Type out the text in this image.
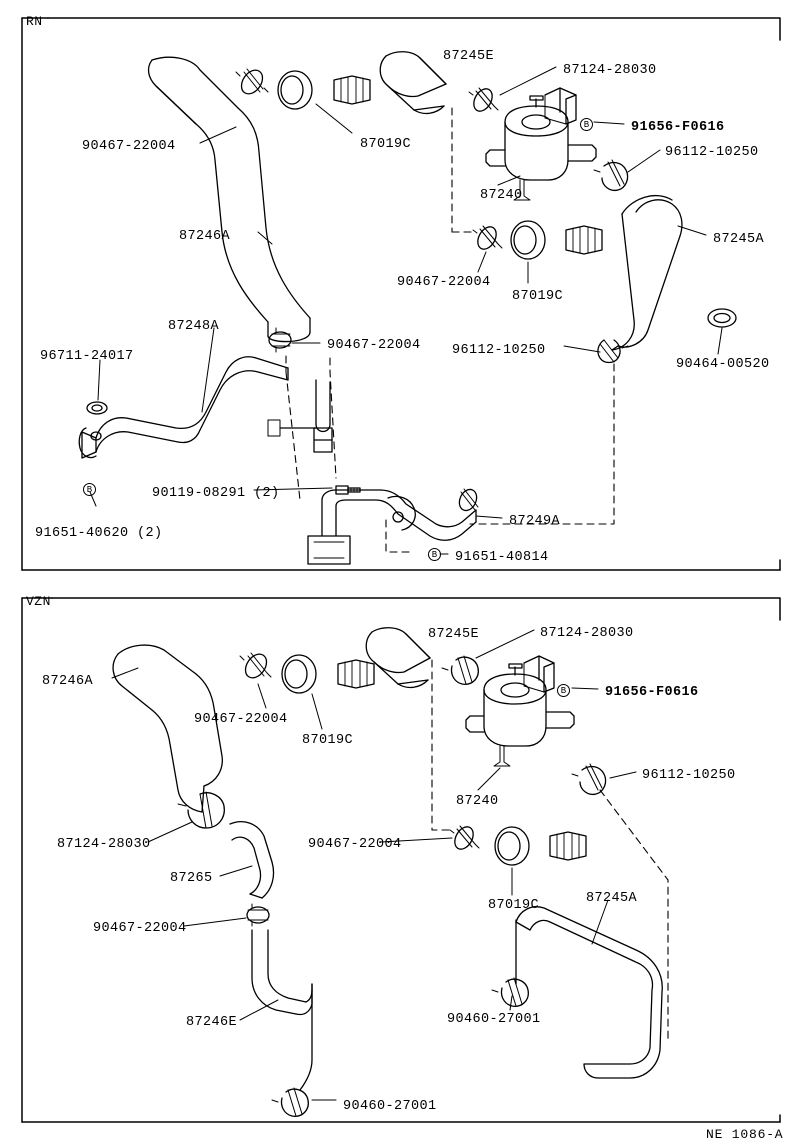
RN
VZN
87245E
87124-28030
91656-F0616
96112-10250
90467-22004	87019C
87240
87246A	87245A
90467-22004
87019C
87248A
90467-22004 96112-10250
90464-00520
96711-24017
90119-08291 (2)
91651-40620 (2)
87249A
91651-40814
87245E	87124-28030
91656-F0616
87246A
90467-22004
87019C
96112-10250
87240
90467-22004
87124-28030
87265
87019C	87245A
90467-22004
87246E	90460-27001
90460-27001
B
B
B
B
NE 1086-A
